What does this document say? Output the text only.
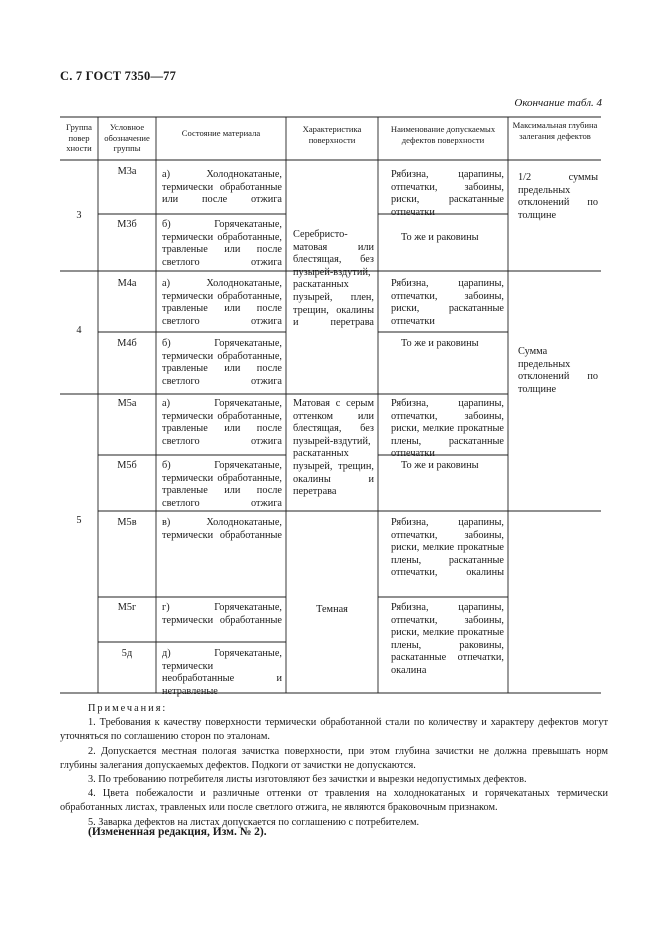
С. 7 ГОСТ 7350—77
Окончание табл. 4
Группа повер хности
Условное обозначение группы
Состояние материала	Характеристика поверхности
Наименование допускаемых дефектов поверхности
Максимальная глубина залегания дефектов
3
4
5
М3а
М3б
М4а
М4б
М5а
М5б
М5в
М5г
5д
а) Холоднокатаные, термически обработанные или после отжига
б) Горячекатаные, термически обработанные, травленые или после светлого отжига
а) Холоднокатаные, термически обработанные, травленые или после светлого отжига
б) Горячекатаные, термически обработанные, травленые или после светлого отжига
а) Горячекатаные, термически обработанные, травленые или после светлого отжига
б) Горячекатаные, термически обработанные, травленые или после светлого отжига
в) Холоднокатаные, термически обработанные
г) Горячекатаные, термически обработанные
д) Горячекатаные, термически необработанные и нетравленые
Серебристо-матовая или блестящая, без пузырей-вздутий, раскатанных пузырей, плен, трещин, окалины и перетрава
Матовая с серым оттенком или блестящая, без пузырей-вздутий, раскатанных пузырей, трещин, окалины и перетрава
Темная
Рябизна, царапины, отпечатки, забоины, риски, раскатанные отпечатки
То же и раковины
Рябизна, царапины, отпечатки, забоины, риски, раскатанные отпечатки
То же и раковины
Рябизна, царапины, отпечатки, забоины, риски, мелкие прокатные плены, раскатанные отпечатки
То же и раковины
Рябизна, царапины, отпечатки, забоины, риски, мелкие прокатные плены, раскатанные отпечатки, окалины
Рябизна, царапины, отпечатки, забоины, риски, мелкие прокатные плены, раковины, раскатанные отпечатки, окалина
1/2 суммы предельных отклонений по толщине
Сумма предельных отклонений по толщине
Примечания:

1. Требования к качеству поверхности термически обработанной стали по количеству и характеру дефектов могут уточняться по соглашению сторон по эталонам.

2. Допускается местная пологая зачистка поверхности, при этом глубина зачистки не должна превышать норм глубины залегания допускаемых дефектов. Подкоги от зачистки не допускаются.

3. По требованию потребителя листы изготовляют без зачистки и вырезки недопустимых дефектов.

4. Цвета побежалости и различные оттенки от травления на холоднокатаных и горячекатаных термически обработанных листах, травленых или после светлого отжига, не являются браковочным признаком.

5. Заварка дефектов на листах допускается по соглашению с потребителем.

(Измененная редакция, Изм. № 2).
